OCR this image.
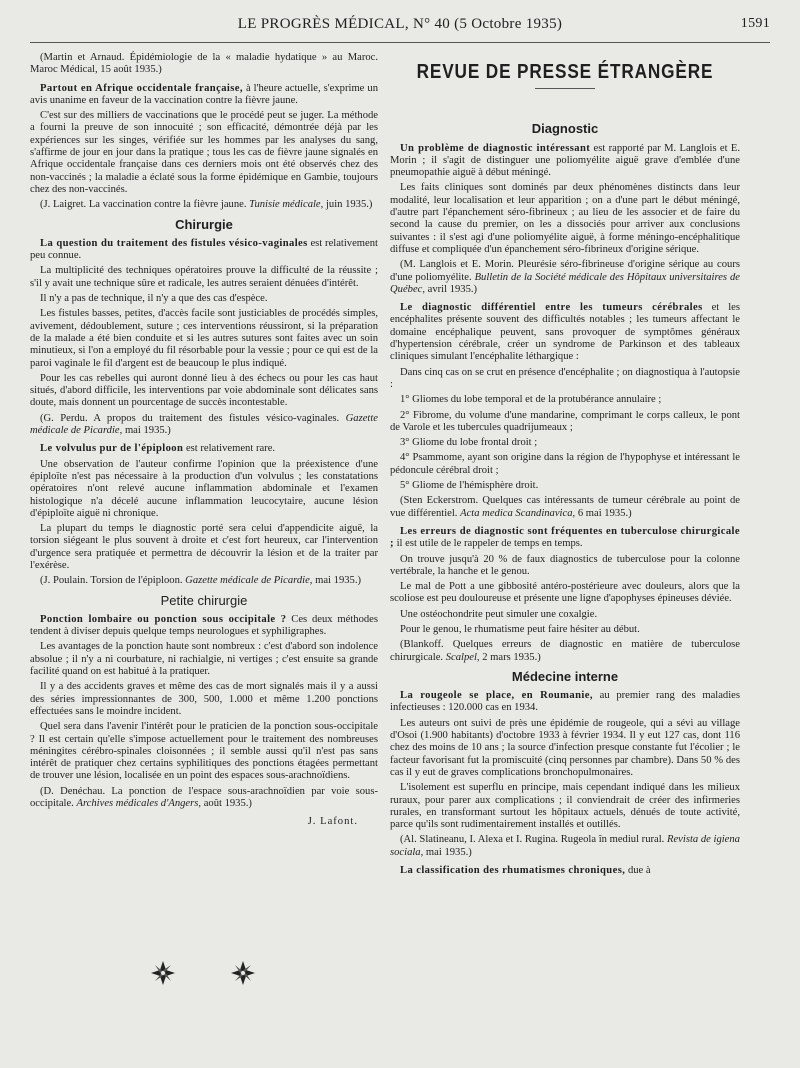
LE PROGRÈS MÉDICAL, N° 40 (5 Octobre 1935)	1591

(Martin et Arnaud. Épidémiologie de la « maladie hydatique » au Maroc. Maroc Médical, 15 août 1935.)

Partout en Afrique occidentale française, à l'heure actuelle, s'exprime un avis unanime en faveur de la vaccination contre la fièvre jaune.

C'est sur des milliers de vaccinations que le procédé peut se juger. La méthode a fourni la preuve de son innocuité ; son efficacité, démontrée déjà par les expériences sur les singes, vérifiée sur les hommes par les analyses du sang, s'affirme de jour en jour dans la pratique ; tous les cas de fièvre jaune signalés en Afrique occidentale française dans ces derniers mois ont été observés chez des non-vaccinés ; la maladie a éclaté sous la forme épidémique en Gambie, toujours chez des non-vaccinés.

(J. Laigret. La vaccination contre la fièvre jaune. Tunisie médicale, juin 1935.)

Chirurgie

La question du traitement des fistules vésico-vaginales est relativement peu connue.

La multiplicité des techniques opératoires prouve la difficulté de la réussite ; s'il y avait une technique sûre et radicale, les autres seraient dénuées d'intérêt.

Il n'y a pas de technique, il n'y a que des cas d'espèce.

Les fistules basses, petites, d'accès facile sont justiciables de procédés simples, avivement, dédoublement, suture ; ces interventions réussiront, si la préparation de la malade a été bien conduite et si les autres sutures sont faites avec un soin minutieux, si l'on a employé du fil résorbable pour la vessie ; pour ce qui est de la paroi vaginale le fil d'argent est de beaucoup le plus indiqué.

Pour les cas rebelles qui auront donné lieu à des échecs ou pour les cas haut situés, d'abord difficile, les interventions par voie abdominale sont délicates sans doute, mais donnent un pourcentage de succès incontestable.

(G. Perdu. A propos du traitement des fistules vésico-vaginales. Gazette médicale de Picardie, mai 1935.)

Le volvulus pur de l'épiploon est relativement rare.

Une observation de l'auteur confirme l'opinion que la préexistence d'une épiploïte n'est pas nécessaire à la production d'un volvulus ; les constatations opératoires n'ont relevé aucune inflammation abdominale et l'examen histologique n'a décelé aucune inflammation leucocytaire, aucune lésion d'épiploïte aiguë ni chronique.

La plupart du temps le diagnostic porté sera celui d'appendicite aiguë, la torsion siégeant le plus souvent à droite et c'est fort heureux, car l'intervention d'urgence sera pratiquée et permettra de découvrir la lésion et de la traiter par l'exérèse.

(J. Poulain. Torsion de l'épiploon. Gazette médicale de Picardie, mai 1935.)

Petite chirurgie

Ponction lombaire ou ponction sous occipitale ? Ces deux méthodes tendent à diviser depuis quelque temps neurologues et syphiligraphes.

Les avantages de la ponction haute sont nombreux : c'est d'abord son indolence absolue ; il n'y a ni courbature, ni rachialgie, ni vertiges ; c'est ensuite sa grande facilité quand on est habitué à la pratiquer.

Il y a des accidents graves et même des cas de mort signalés mais il y a aussi des séries impressionnantes de 300, 500, 1.000 et même 1.200 ponctions effectuées sans le moindre incident.

Quel sera dans l'avenir l'intérêt pour le praticien de la ponction sous-occipitale ? Il est certain qu'elle s'impose actuellement pour le traitement des nombreuses méningites cérébro-spinales cloisonnées ; il semble aussi qu'il n'est pas sans intérêt de pratiquer chez certains syphilitiques des ponctions étagées permettant de trouver une lésion, localisée en un point des espaces sous-arachnoïdiens.

(D. Denéchau. La ponction de l'espace sous-arachnoïdien par voie sous-occipitale. Archives médicales d'Angers, août 1935.)

J. Lafont.

REVUE DE PRESSE ÉTRANGÈRE
Diagnostic

Un problème de diagnostic intéressant est rapporté par M. Langlois et E. Morin ; il s'agit de distinguer une poliomyélite aiguë grave d'emblée d'une pneumopathie aiguë à début méningé.

Les faits cliniques sont dominés par deux phénomènes distincts dans leur modalité, leur localisation et leur apparition ; on a d'une part le début méningé, d'autre part l'épanchement séro-fibrineux ; au lieu de les associer et de faire du second la cause du premier, on les a dissociés pour arriver aux conclusions suivantes : il s'est agi d'une poliomyélite aiguë, à forme méningo-encéphalitique diffuse et compliquée d'un épanchement séro-fibrineux d'origine sérique.

(M. Langlois et E. Morin. Pleurésie séro-fibrineuse d'origine sérique au cours d'une poliomyélite. Bulletin de la Société médicale des Hôpitaux universitaires de Québec, avril 1935.)

Le diagnostic différentiel entre les tumeurs cérébrales et les encéphalites présente souvent des difficultés notables ; les tumeurs affectant le domaine encéphalique peuvent, sans provoquer de symptômes généraux d'hypertension cérébrale, créer un syndrome de Parkinson et des tableaux cliniques simulant l'encéphalite léthargique :

Dans cinq cas on se crut en présence d'encéphalite ; on diagnostiqua à l'autopsie :

1° Gliomes du lobe temporal et de la protubérance annulaire ;

2° Fibrome, du volume d'une mandarine, comprimant le corps calleux, le pont de Varole et les tubercules quadrijumeaux ;

3° Gliome du lobe frontal droit ;

4° Psammome, ayant son origine dans la région de l'hypophyse et intéressant le pédoncule cérébral droit ;

5° Gliome de l'hémisphère droit.

(Sten Eckerstrom. Quelques cas intéressants de tumeur cérébrale au point de vue différentiel. Acta medica Scandinavica, 6 mai 1935.)

Les erreurs de diagnostic sont fréquentes en tuberculose chirurgicale ; il est utile de le rappeler de temps en temps.

On trouve jusqu'à 20 % de faux diagnostics de tuberculose pour la colonne vertébrale, la hanche et le genou.

Le mal de Pott a une gibbosité antéro-postérieure avec douleurs, alors que la scoliose est peu douloureuse et présente une ligne d'apophyses épineuses déviée.

Une ostéochondrite peut simuler une coxalgie.

Pour le genou, le rhumatisme peut faire hésiter au début.

(Blankoff. Quelques erreurs de diagnostic en matière de tuberculose chirurgicale. Scalpel, 2 mars 1935.)

Médecine interne

La rougeole se place, en Roumanie, au premier rang des maladies infectieuses : 120.000 cas en 1934.

Les auteurs ont suivi de près une épidémie de rougeole, qui a sévi au village d'Osoi (1.900 habitants) d'octobre 1933 à février 1934. Il y eut 127 cas, dont 116 chez des moins de 10 ans ; la source d'infection presque constante fut l'écolier ; le facteur favorisant fut la promiscuité (cinq personnes par chambre). Dans 50 % des cas il y eut de graves complications bronchopulmonaires.

L'isolement est superflu en principe, mais cependant indiqué dans les milieux ruraux, pour parer aux complications ; il conviendrait de créer des infirmeries rurales, en transformant surtout les hôpitaux actuels, dénués de toute activité, parce qu'ils sont rudimentairement installés et outillés.

(Al. Slatineanu, I. Alexa et I. Rugina. Rugeola în mediul rural. Revista de igiena sociala, mai 1935.)

La classification des rhumatismes chroniques, due à
